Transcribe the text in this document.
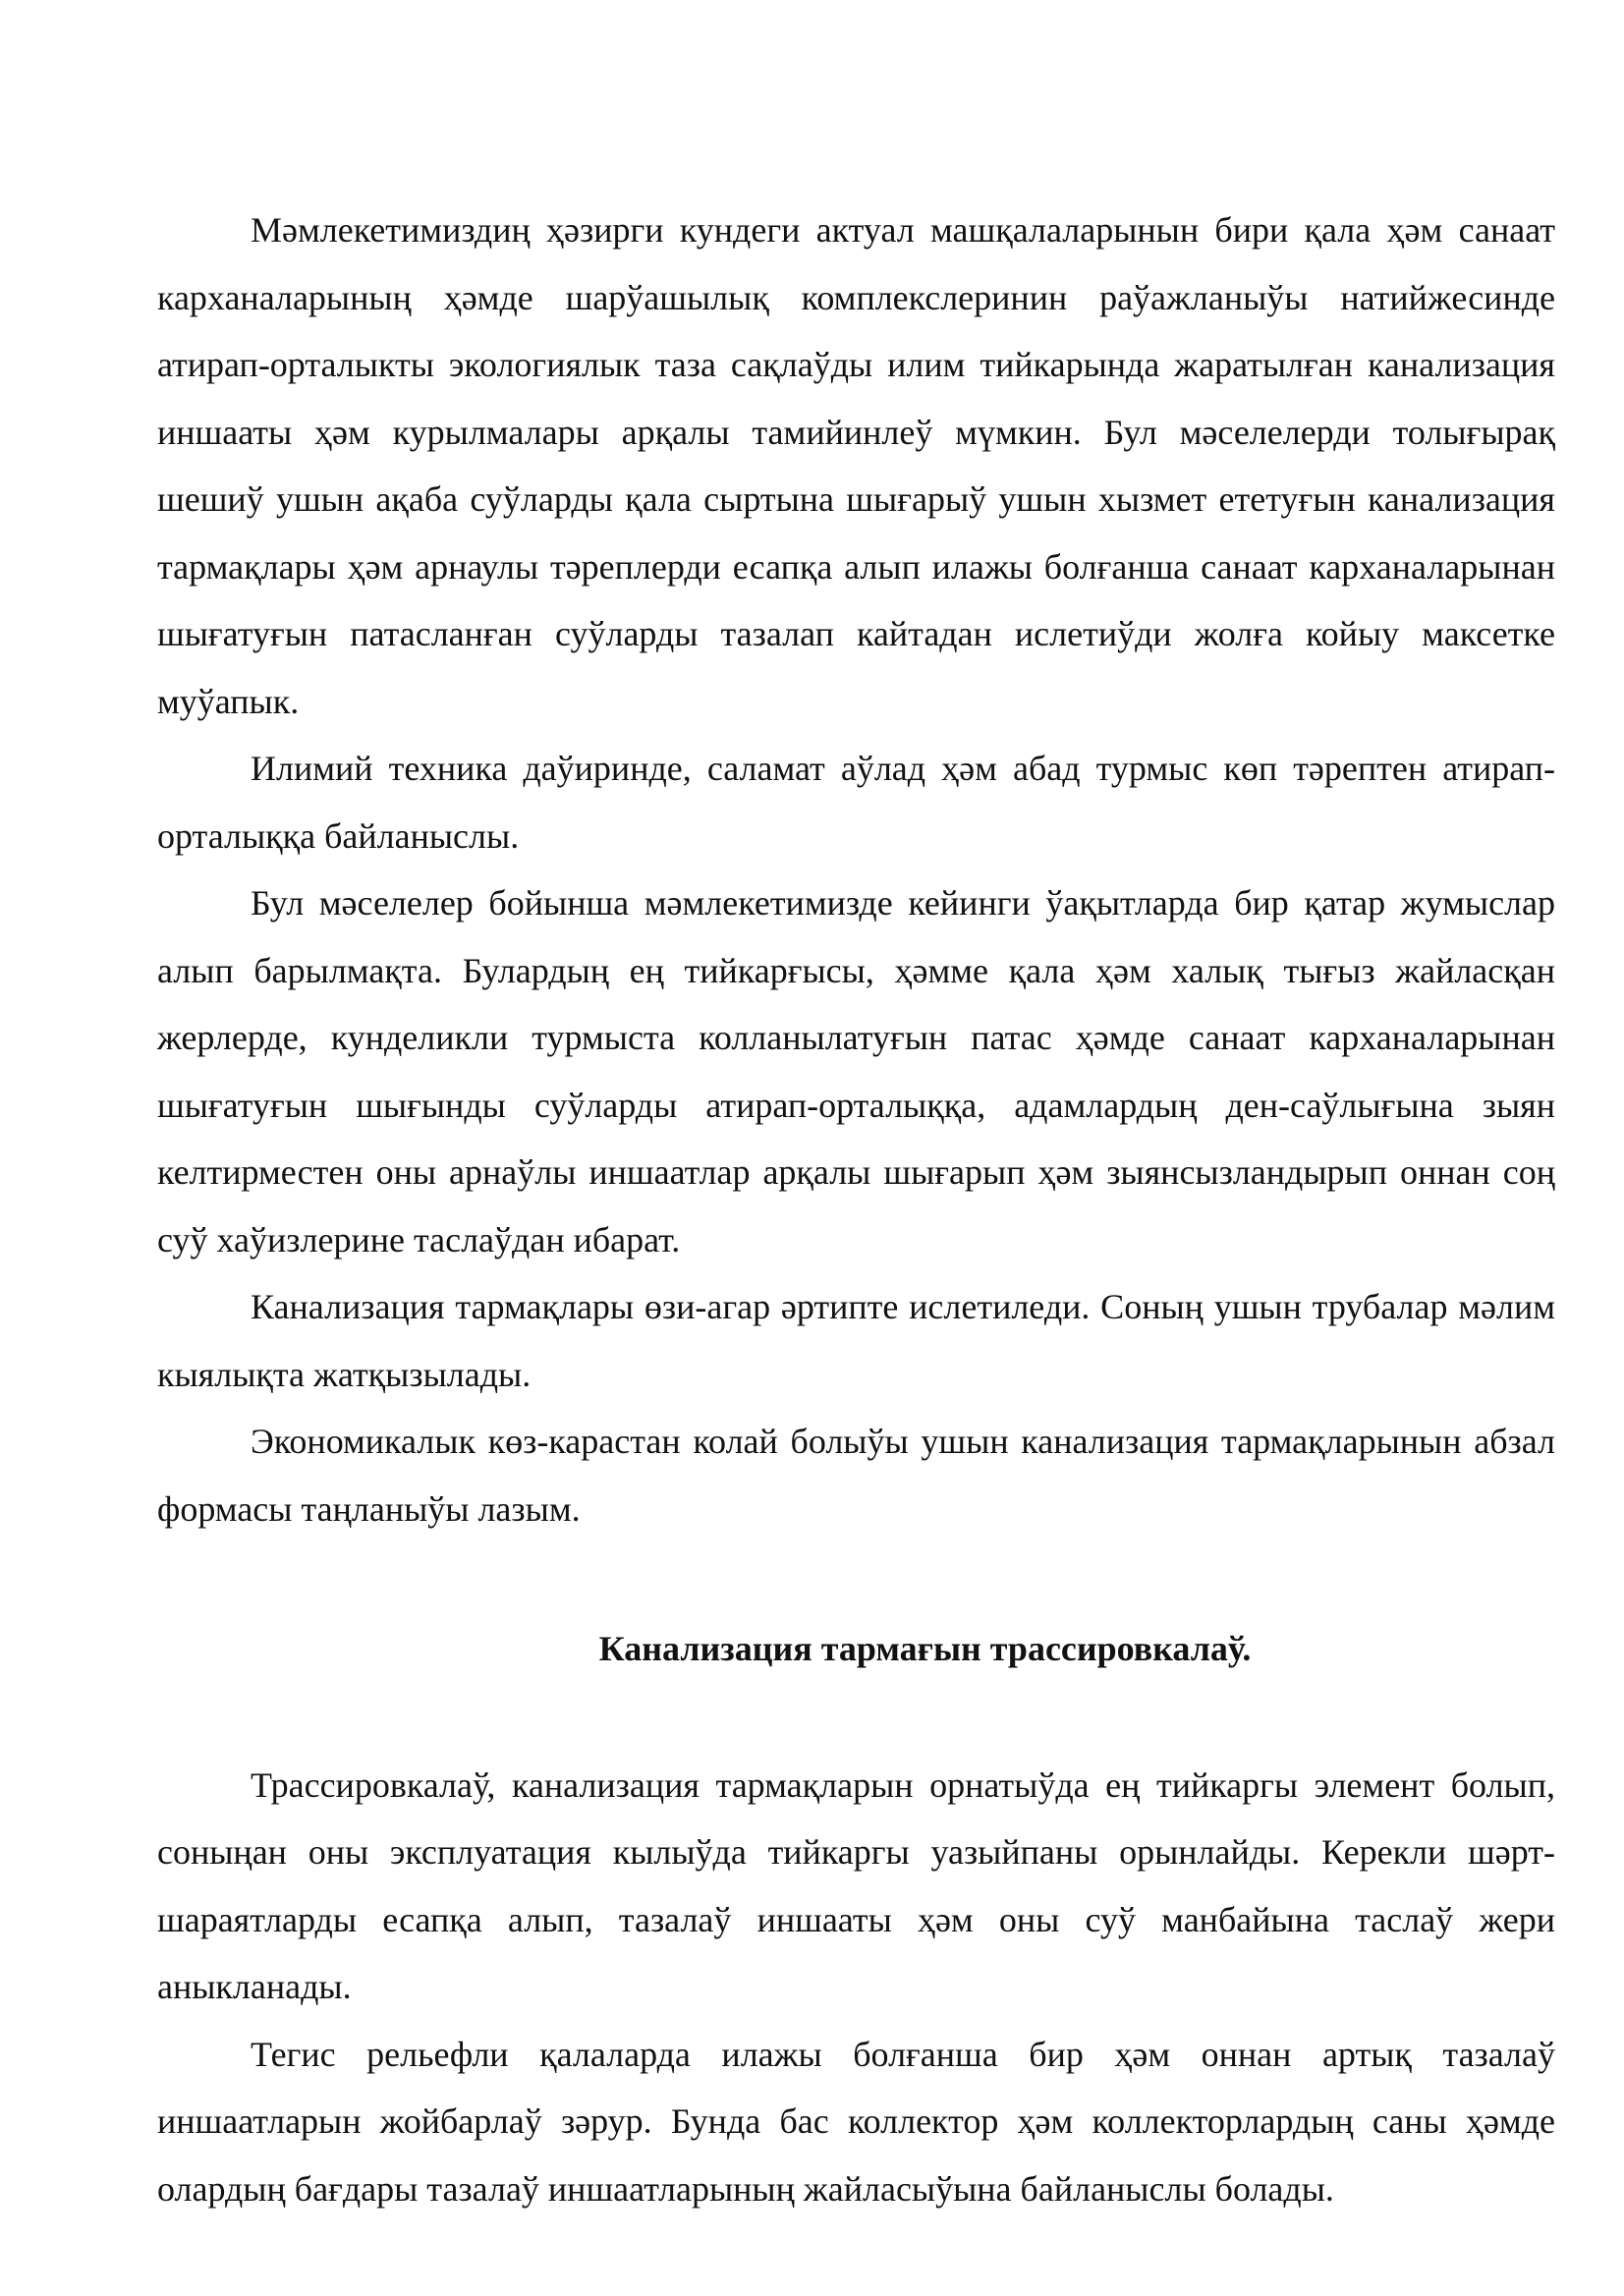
Мәмлекетимиздиң ҳәзирги кундеги актуал машқалаларынын бири қала ҳәм санаат карханаларының ҳәмде шарўашылық комплекслеринин раўажланыўы натийжесинде атирап-орталыкты экологиялык таза сақлаўды илим тийкарында жаратылған канализация иншааты ҳәм курылмалары арқалы тамийинлеў мүмкин. Бул мәселелерди толығырақ шешиў ушын ақаба суўларды қала сыртына шығарыў ушын хызмет ететуғын канализация тармақлары ҳәм арнаулы тәреплерди есапқа алып илажы болғанша санаат карханаларынан шығатуғын патасланған суўларды тазалап кайтадан ислетиўди жолға койыу максетке муўапык.

Илимий техника даўиринде, саламат аўлад ҳәм абад турмыс көп тәрептен атирап-орталыққа байланыслы.

Бул мәселелер бойынша мәмлекетимизде кейинги ўақытларда бир қатар жумыслар алып барылмақта. Булардың ең тийкарғысы, ҳәмме қала ҳәм халық тығыз жайласқан жерлерде, кунделикли турмыста колланылатуғын патас ҳәмде санаат карханаларынан шығатуғын шығынды суўларды атирап-орталыққа, адамлардың ден-саўлығына зыян келтирместен оны арнаўлы иншаатлар арқалы шығарып ҳәм зыянсызландырып оннан соң суў хаўизлерине таслаўдан ибарат.

Канализация тармақлары өзи-агар әртипте ислетиледи. Соның ушын трубалар мәлим кыялықта жатқызылады.

Экономикалык көз-карастан колай болыўы ушын канализация тармақларынын абзал формасы таңланыўы лазым.

Канализация тармағын трассировкалаў.

Трассировкалаў, канализация тармақларын орнатыўда ең тийкаргы элемент болып, соныңан оны эксплуатация кылыўда тийкаргы уазыйпаны орынлайды. Керекли шәрт-шараятларды есапқа алып, тазалаў иншааты ҳәм оны суў манбайына таслаў жери аныкланады.

Тегис рельефли қалаларда илажы болғанша бир ҳәм оннан артық тазалаў иншаатларын жойбарлаў зәрур. Бунда бас коллектор ҳәм коллекторлардың саны ҳәмде олардың бағдары тазалаў иншаатларының жайласыўына байланыслы болады.
